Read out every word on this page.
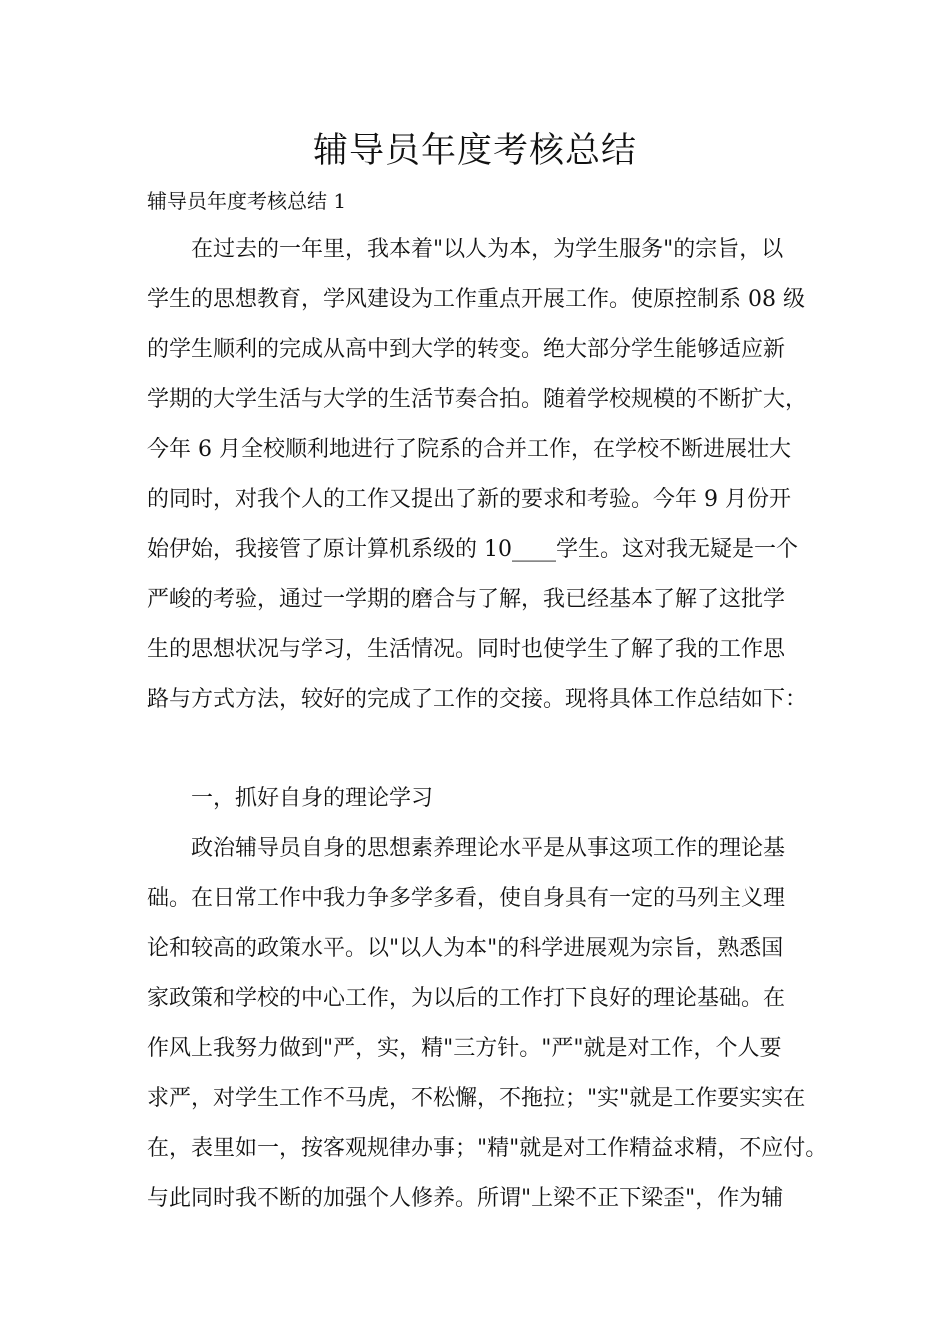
辅导员年度考核总结

辅导员年度考核总结 1

在过去的一年里，我本着"以人为本，为学生服务"的宗旨，以

学生的思想教育，学风建设为工作重点开展工作。使原控制系 08 级

的学生顺利的完成从高中到大学的转变。绝大部分学生能够适应新

学期的大学生活与大学的生活节奏合拍。随着学校规模的不断扩大，

今年 6 月全校顺利地进行了院系的合并工作，在学校不断进展壮大

的同时，对我个人的工作又提出了新的要求和考验。今年 9 月份开

始伊始，我接管了原计算机系级的 10____学生。这对我无疑是一个

严峻的考验，通过一学期的磨合与了解，我已经基本了解了这批学

生的思想状况与学习，生活情况。同时也使学生了解了我的工作思

路与方式方法，较好的完成了工作的交接。现将具体工作总结如下：

一，抓好自身的理论学习

政治辅导员自身的思想素养理论水平是从事这项工作的理论基

础。在日常工作中我力争多学多看，使自身具有一定的马列主义理

论和较高的政策水平。以"以人为本"的科学进展观为宗旨，熟悉国

家政策和学校的中心工作，为以后的工作打下良好的理论基础。在

作风上我努力做到"严，实，精"三方针。"严"就是对工作，个人要

求严，对学生工作不马虎，不松懈，不拖拉；"实"就是工作要实实在

在，表里如一，按客观规律办事；"精"就是对工作精益求精，不应付。

与此同时我不断的加强个人修养。所谓"上梁不正下梁歪"，作为辅
